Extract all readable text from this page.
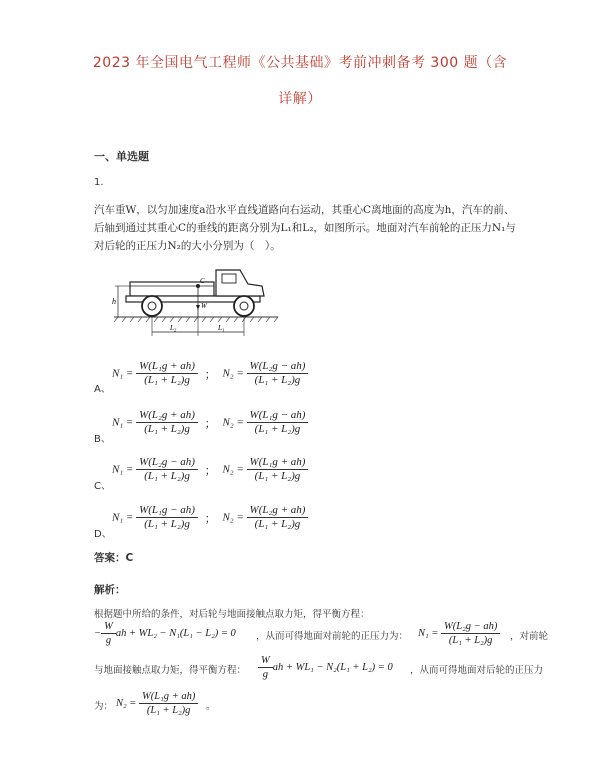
2023 年全国电气工程师《公共基础》考前冲刺备考 300 题（含
详解）
一、单选题
1.
汽车重W，以匀加速度a沿水平直线道路向右运动，其重心C离地面的高度为h，汽车的前、后轴到通过其重心C的垂线的距离分别为L₁和L₂，如图所示。地面对汽车前轮的正压力N₁与对后轮的正压力N₂的大小分别为（　）。
h
C
W
L₂	L₁
A、
$N_1 = \frac{\text{W(L₁g + ah)}}{\text{(L₁ + L₂)g}}$ ； $N_2 = \frac{\text{W(L₂g − ah)}}{\text{(L₁ + L₂)g}}$
B、
$N_1 = \frac{\text{W(L₂g + ah)}}{\text{(L₁ + L₂)g}}$ ； $N_2 = \frac{\text{W(L₁g − ah)}}{\text{(L₁ + L₂)g}}$
C、
$N_1 = \frac{\text{W(L₂g − ah)}}{\text{(L₁ + L₂)g}}$ ； $N_2 = \frac{\text{W(L₁g + ah)}}{\text{(L₁ + L₂)g}}$
D、
$N_1 = \frac{\text{W(L₁g − ah)}}{\text{(L₁ + L₂)g}}$ ； $N_2 = \frac{\text{W(L₂g + ah)}}{\text{(L₁ + L₂)g}}$
答案：C
解析：
根据题中所给的条件，对后轮与地面接触点取力矩，得平衡方程：
− $\frac{W}{g}$ ah + WL₂ − N₁(L₁ − L₂) = 0 ，从而可得地面对前轮的正压力为： $N_1 = \frac{\text{W(L₂g − ah)}}{\text{(L₁ + L₂)g}}$ ，对前轮
与地面接触点取力矩，得平衡方程： $\frac{W}{g}$ ah + WL₁ − N₂(L₁ + L₂) = 0 ，从而可得地面对后轮的正压力
为： $N_2 = \frac{\text{W(L₁g + ah)}}{\text{(L₁ + L₂)g}}$ 。
